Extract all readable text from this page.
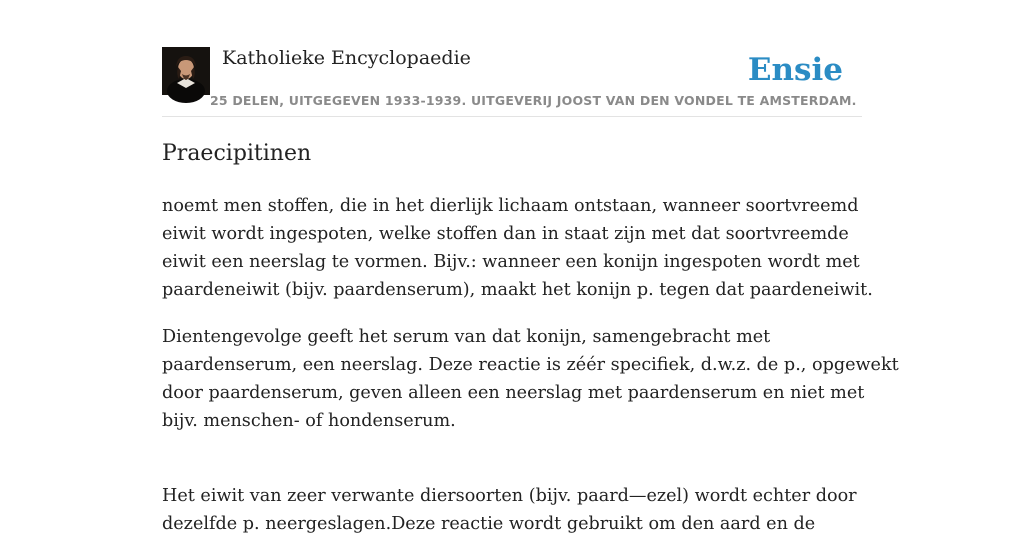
Katholieke Encyclopaedie
25 DELEN, UITGEGEVEN 1933-1939. UITGEVERIJ JOOST VAN DEN VONDEL TE AMSTERDAM.
Ensie
Praecipitinen

noemt men stoffen, die in het dierlijk lichaam ontstaan, wanneer soortvreemd
eiwit wordt ingespoten, welke stoffen dan in staat zijn met dat soortvreemde
eiwit een neerslag te vormen. Bijv.: wanneer een konijn ingespoten wordt met
paardeneiwit (bijv. paardenserum), maakt het konijn p. tegen dat paardeneiwit.

Dientengevolge geeft het serum van dat konijn, samengebracht met
paardenserum, een neerslag. Deze reactie is zéér specifiek, d.w.z. de p., opgewekt
door paardenserum, geven alleen een neerslag met paardenserum en niet met
bijv. menschen- of hondenserum.

Het eiwit van zeer verwante diersoorten (bijv. paard—ezel) wordt echter door
dezelfde p. neergeslagen.Deze reactie wordt gebruikt om den aard en de
